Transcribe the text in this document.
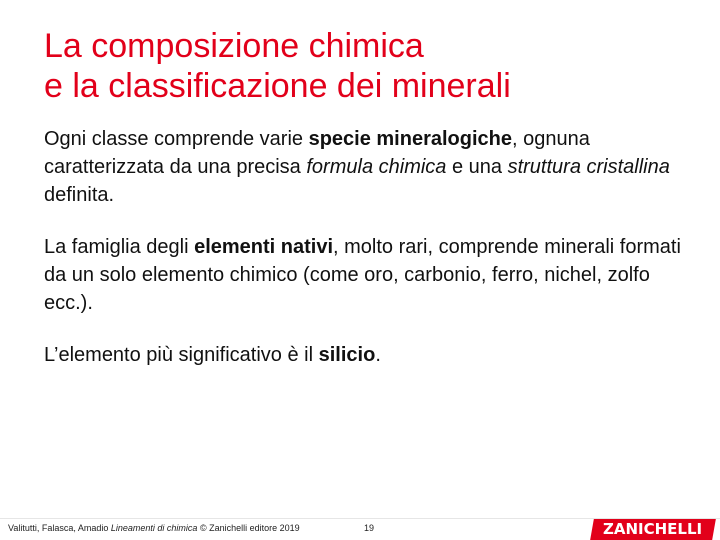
La composizione chimica
e la classificazione dei minerali

Ogni classe comprende varie specie mineralogiche, ognuna caratterizzata da una precisa formula chimica e una struttura cristallina definita.

La famiglia degli elementi nativi, molto rari, comprende minerali formati da un solo elemento chimico (come oro, carbonio, ferro, nichel, zolfo ecc.).

L’elemento più significativo è il silicio.

Valitutti, Falasca, Amadio Lineamenti di chimica © Zanichelli editore 2019	19	ZANICHELLI
